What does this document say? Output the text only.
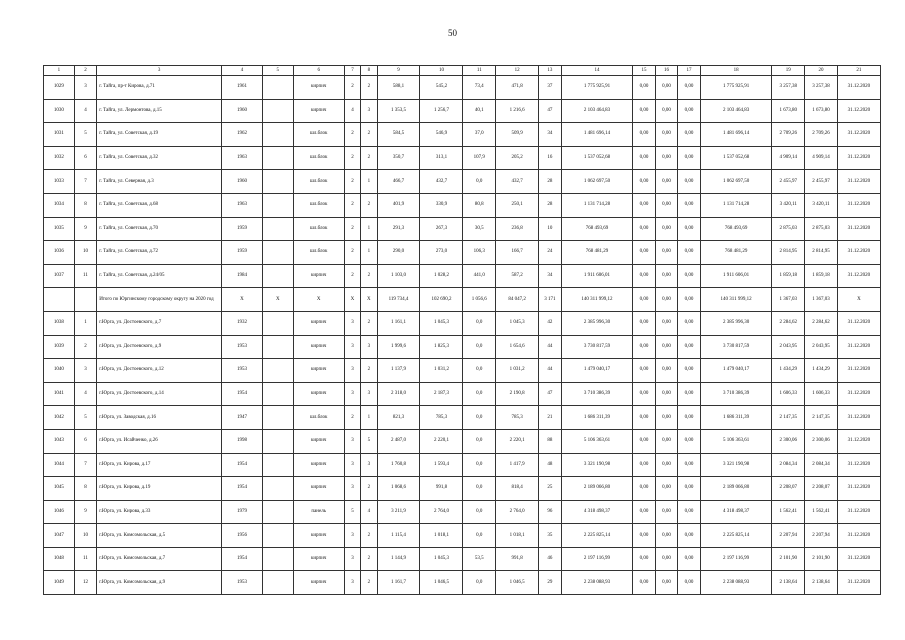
50
1	2	3	4	5	6	7	8	9	10	11	12	13	14	15	16	17	18	19	20	21
1029	3	г. Тайга, пр-т Кирова, д.71	1961		кирпич	2	2	588,1	545,2	73,4	471,8	37	1 775 925,91	0,00	0,00	0,00	1 775 925,91	3 257,38	3 257,38	31.12.2020
1030	4	г. Тайга, ул. Лермонтова, д.15	1960		кирпич	4	3	1 353,5	1 256,7	40,1	1 216,6	47	2 103 464,83	0,00	0,00	0,00	2 103 464,83	1 673,80	1 673,80	31.12.2020
1031	5	г. Тайга, ул. Советская, д.19	1962		шл.блок	2	2	584,5	546,9	37,0	509,9	34	1 481 696,14	0,00	0,00	0,00	1 481 696,14	2 709,26	2 709,26	31.12.2020
1032	6	г. Тайга, ул. Советская, д.32	1963		шл.блок	2	2	350,7	313,1	107,9	205,2	16	1 537 052,68	0,00	0,00	0,00	1 537 052,68	4 909,14	4 909,14	31.12.2020
1033	7	г. Тайга, ул. Северная, д.3	1960		шл.блок	2	1	466,7	432,7	0,0	432,7	28	1 062 697,50	0,00	0,00	0,00	1 062 697,50	2 455,97	2 455,97	31.12.2020
1034	8	г. Тайга, ул. Советская, д.68	1963		шл.блок	2	2	401,9	330,9	80,8	250,1	28	1 131 714,28	0,00	0,00	0,00	1 131 714,28	3 420,11	3 420,11	31.12.2020
1035	9	г. Тайга, ул. Советская, д.70	1959		шл.блок	2	1	291,3	267,3	30,5	236,8	10	768 493,69	0,00	0,00	0,00	768 493,69	2 875,03	2 875,03	31.12.2020
1036	10	г. Тайга, ул. Советская, д.72	1959		шл.блок	2	1	290,0	273,0	106,3	166,7	24	768 481,29	0,00	0,00	0,00	768 481,29	2 814,95	2 814,95	31.12.2020
1037	11	г. Тайга, ул. Советская, д.24/05	1984		кирпич	2	2	1 103,0	1 028,2	441,0	587,2	34	1 911 606,01	0,00	0,00	0,00	1 911 606,01	1 859,18	1 859,18	31.12.2020
		Итого по Юргинскому городскому округу на 2020 год	X	X	X	X	X	119 734,4	102 690,2	1 056,6	84 047,2	3 171	140 311 999,12	0,00	0,00	0,00	140 311 999,12	1 367,03	1 367,03	X
1038	1	г.Юрга, ул. Достоевского, д.7	1932		кирпич	3	2	1 161,1	1 045,3	0,0	1 045,3	42	2 385 996,30	0,00	0,00	0,00	2 385 996,30	2 284,62	2 284,62	31.12.2020
1039	2	г.Юрга, ул. Достоевского, д.9	1953		кирпич	3	3	1 999,6	1 825,3	0,0	1 654,6	44	3 730 817,59	0,00	0,00	0,00	3 730 817,59	2 043,95	2 043,95	31.12.2020
1040	3	г.Юрга, ул. Достоевского, д.12	1953		кирпич	3	2	1 137,9	1 031,2	0,0	1 031,2	44	1 479 040,17	0,00	0,00	0,00	1 479 040,17	1 434,29	1 434,29	31.12.2020
1041	4	г.Юрга, ул. Достоевского, д.14	1954		кирпич	3	3	2 318,0	2 187,3	0,0	2 190,8	47	3 710 386,39	0,00	0,00	0,00	3 710 386,39	1 606,33	1 606,33	31.12.2020
1042	5	г.Юрга, ул. Заводская, д.16	1947		шл.блок	2	1	821,3	785,3	0,0	785,3	21	1 686 311,39	0,00	0,00	0,00	1 686 311,39	2 147,35	2 147,35	31.12.2020
1043	6	г.Юрга, ул. Исайченко, д.26	1998		кирпич	3	5	2 487,0	2 220,1	0,0	2 220,1	88	5 106 363,61	0,00	0,00	0,00	5 106 363,61	2 300,06	2 300,06	31.12.2020
1044	7	г.Юрга, ул. Кирова, д.17	1954		кирпич	3	3	1 760,8	1 593,4	0,0	1 417,9	48	3 321 190,98	0,00	0,00	0,00	3 321 190,98	2 084,34	2 084,34	31.12.2020
1045	8	г.Юрга, ул. Кирова, д.19	1954		кирпич	3	2	1 068,6	991,8	0,0	818,4	25	2 189 066,80	0,00	0,00	0,00	2 189 066,80	2 208,07	2 208,07	31.12.2020
1046	9	г.Юрга, ул. Кирова, д.33	1979		панель	5	4	3 211,9	2 764,0	0,0	2 764,0	96	4 318 498,37	0,00	0,00	0,00	4 318 498,37	1 562,41	1 562,41	31.12.2020
1047	10	г.Юрга, ул. Комсомольская, д.5	1956		кирпич	3	2	1 115,4	1 018,1	0,0	1 018,1	35	2 225 825,14	0,00	0,00	0,00	2 225 825,14	2 207,94	2 207,94	31.12.2020
1048	11	г.Юрга, ул. Комсомольская, д.7	1954		кирпич	3	2	1 144,9	1 045,3	53,5	991,8	46	2 197 116,99	0,00	0,00	0,00	2 197 116,99	2 101,90	2 101,90	31.12.2020
1049	12	г.Юрга, ул. Комсомольская, д.9	1953		кирпич	3	2	1 161,7	1 046,5	0,0	1 046,5	29	2 238 088,93	0,00	0,00	0,00	2 238 088,93	2 138,64	2 138,64	31.12.2020
